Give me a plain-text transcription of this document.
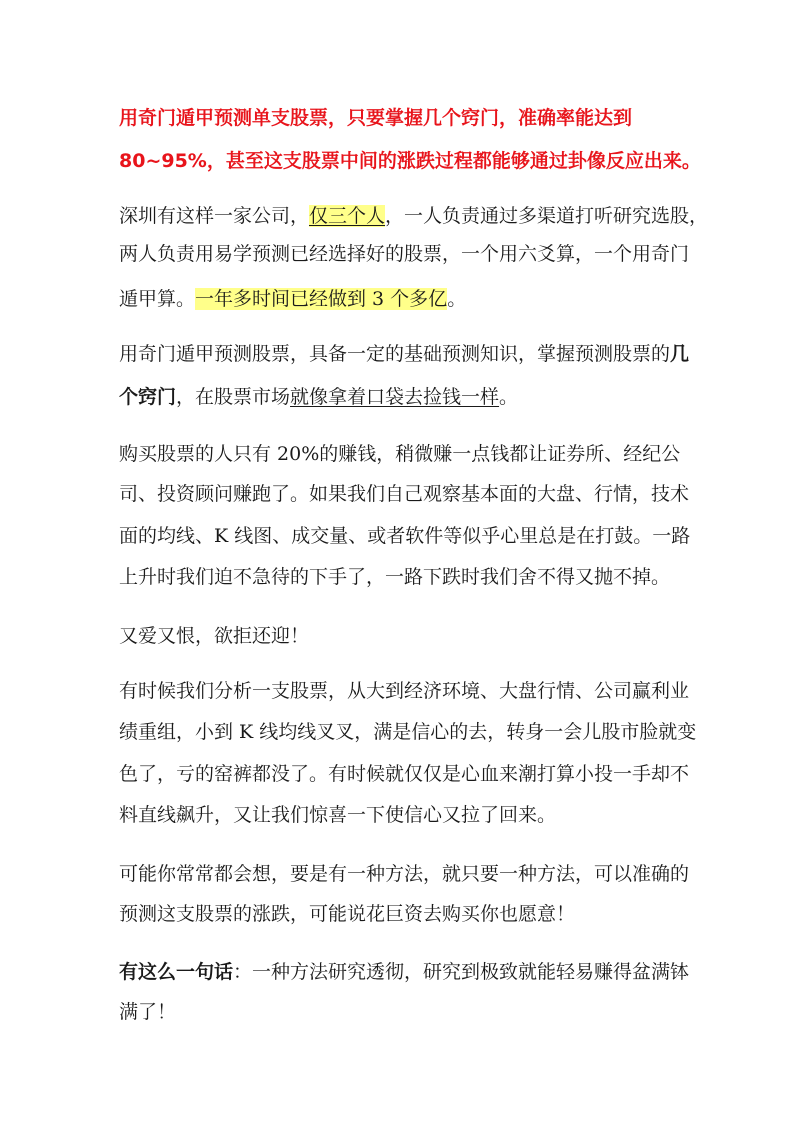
用奇门遁甲预测单支股票，只要掌握几个窍门，准确率能达到
80~95%，甚至这支股票中间的涨跌过程都能够通过卦像反应出来。
深圳有这样一家公司，仅三个人，一人负责通过多渠道打听研究选股，
两人负责用易学预测已经选择好的股票，一个用六爻算，一个用奇门
遁甲算。一年多时间已经做到 3 个多亿。
用奇门遁甲预测股票，具备一定的基础预测知识，掌握预测股票的几
个窍门，在股票市场就像拿着口袋去捡钱一样。
购买股票的人只有 20%的赚钱，稍微赚一点钱都让证券所、经纪公
司、投资顾问赚跑了。如果我们自己观察基本面的大盘、行情，技术
面的均线、K 线图、成交量、或者软件等似乎心里总是在打鼓。一路
上升时我们迫不急待的下手了，一路下跌时我们舍不得又抛不掉。
又爱又恨，欲拒还迎！
有时候我们分析一支股票，从大到经济环境、大盘行情、公司赢利业
绩重组，小到 K 线均线叉叉，满是信心的去，转身一会儿股市脸就变
色了，亏的窑裤都没了。有时候就仅仅是心血来潮打算小投一手却不
料直线飙升，又让我们惊喜一下使信心又拉了回来。
可能你常常都会想，要是有一种方法，就只要一种方法，可以准确的
预测这支股票的涨跌，可能说花巨资去购买你也愿意！
有这么一句话：一种方法研究透彻，研究到极致就能轻易赚得盆满钵
满了！
